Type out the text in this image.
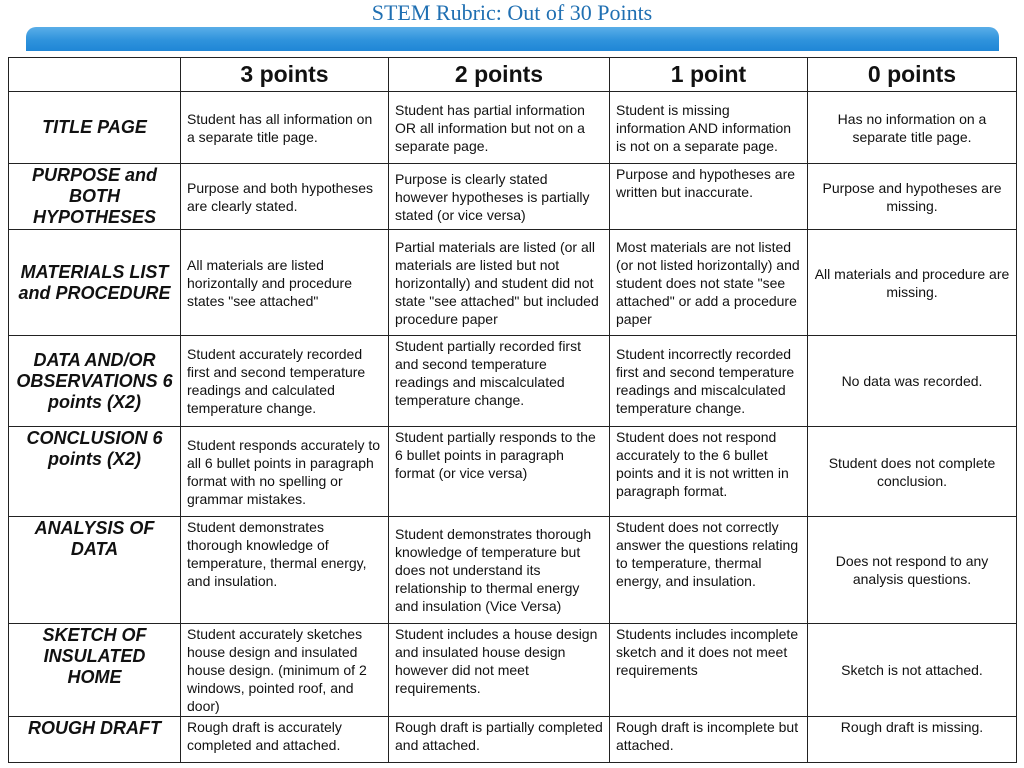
STEM Rubric: Out of 30 Points
	3 points	2 points	1 point	0 points
TITLE PAGE	Student has all information on a separate title page.	Student has partial information OR all information but not on a separate page.	Student is missing information AND information is not on a separate page.	Has no information on a separate title page.
PURPOSE and BOTH HYPOTHESES	Purpose and both hypotheses are clearly stated.	Purpose is clearly stated however hypotheses is partially stated (or vice versa)	Purpose and hypotheses are written but inaccurate.	Purpose and hypotheses are missing.
MATERIALS LIST and PROCEDURE	All materials are listed horizontally and procedure states "see attached"	Partial materials are listed (or all materials are listed but not horizontally) and student did not state "see attached" but included procedure paper	Most materials are not listed (or not listed horizontally) and student does not state "see attached" or add a procedure paper	All materials and procedure are missing.
DATA AND/OR OBSERVATIONS 6 points (X2)	Student accurately recorded first and second temperature readings and calculated temperature change.	Student partially recorded first and second temperature readings and miscalculated temperature change.	Student incorrectly recorded first and second temperature readings and miscalculated temperature change.	No data was recorded.
CONCLUSION 6 points (X2)	Student responds accurately to all 6 bullet points in paragraph format with no spelling or grammar mistakes.	Student partially responds to the 6 bullet points in paragraph format (or vice versa)	Student does not respond accurately to the 6 bullet points and it is not written in paragraph format.	Student does not complete conclusion.
ANALYSIS OF DATA	Student demonstrates thorough knowledge of temperature, thermal energy, and insulation.	Student demonstrates thorough knowledge of temperature but does not understand its relationship to thermal energy and insulation (Vice Versa)	Student does not correctly answer the questions relating to temperature, thermal energy, and insulation.	Does not respond to any analysis questions.
SKETCH OF INSULATED HOME	Student accurately sketches house design and insulated house design. (minimum of 2 windows, pointed roof, and door)	Student includes a house design and insulated house design however did not meet requirements.	Students includes incomplete sketch and it does not meet requirements	Sketch is not attached.
ROUGH DRAFT	Rough draft is accurately completed and attached.	Rough draft is partially completed and attached.	Rough draft is incomplete but attached.	Rough draft is missing.
